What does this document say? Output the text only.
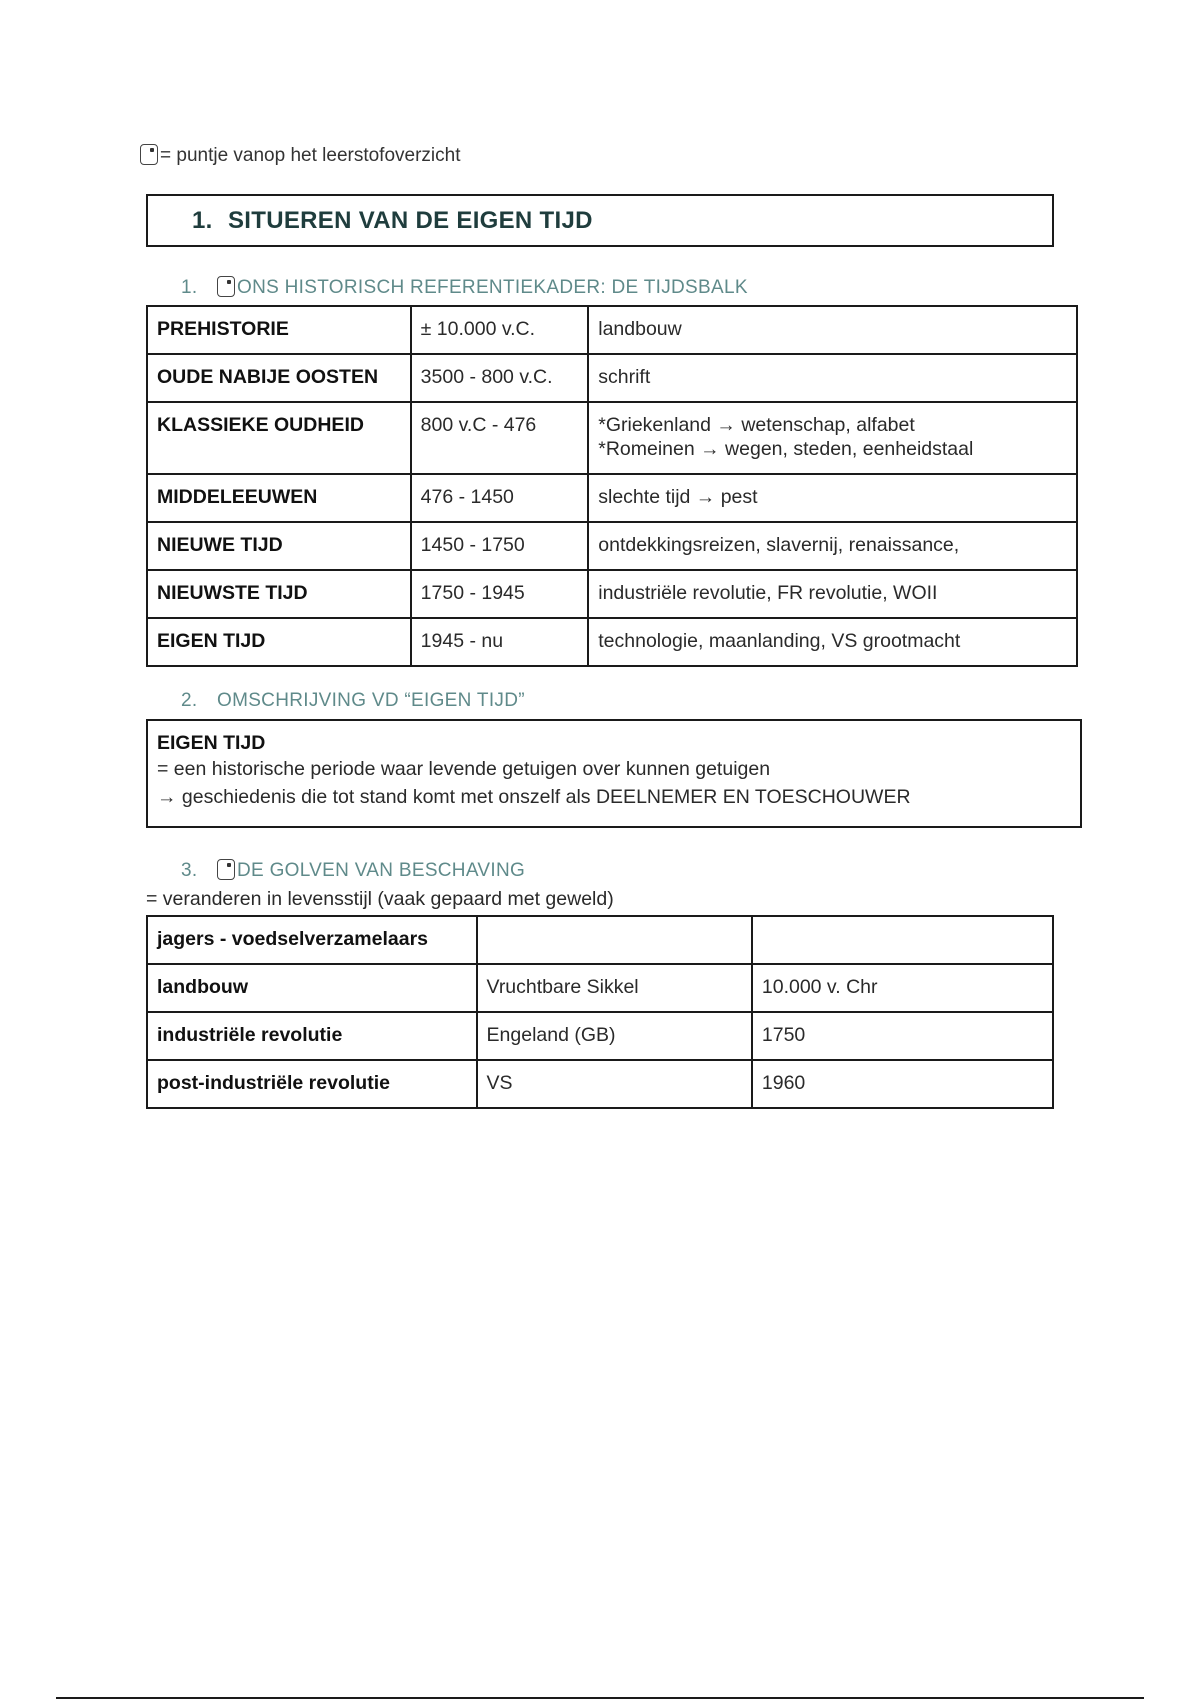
= puntje vanop het leerstofoverzicht
1. SITUEREN VAN DE EIGEN TIJD
1. ONS HISTORISCH REFERENTIEKADER: DE TIJDSBALK
PREHISTORIE	± 10.000 v.C.	landbouw

OUDE NABIJE OOSTEN	3500 - 800 v.C.	schrift

KLASSIEKE OUDHEID	800 v.C - 476	*Griekenland → wetenschap, alfabet
*Romeinen → wegen, steden, eenheidstaal

MIDDELEEUWEN	476 - 1450	slechte tijd → pest

NIEUWE TIJD	1450 - 1750	ontdekkingsreizen, slavernij, renaissance,

NIEUWSTE TIJD	1750 - 1945	industriële revolutie, FR revolutie, WOII

EIGEN TIJD	1945 - nu	technologie, maanlanding, VS grootmacht
2. OMSCHRIJVING VD “EIGEN TIJD”
EIGEN TIJD
= een historische periode waar levende getuigen over kunnen getuigen
→ geschiedenis die tot stand komt met onszelf als DEELNEMER EN TOESCHOUWER
3. DE GOLVEN VAN BESCHAVING
= veranderen in levensstijl (vaak gepaard met geweld)
jagers - voedselverzamelaars		
landbouw	Vruchtbare Sikkel	10.000 v. Chr
industriële revolutie	Engeland (GB)	1750
post-industriële revolutie	VS	1960
